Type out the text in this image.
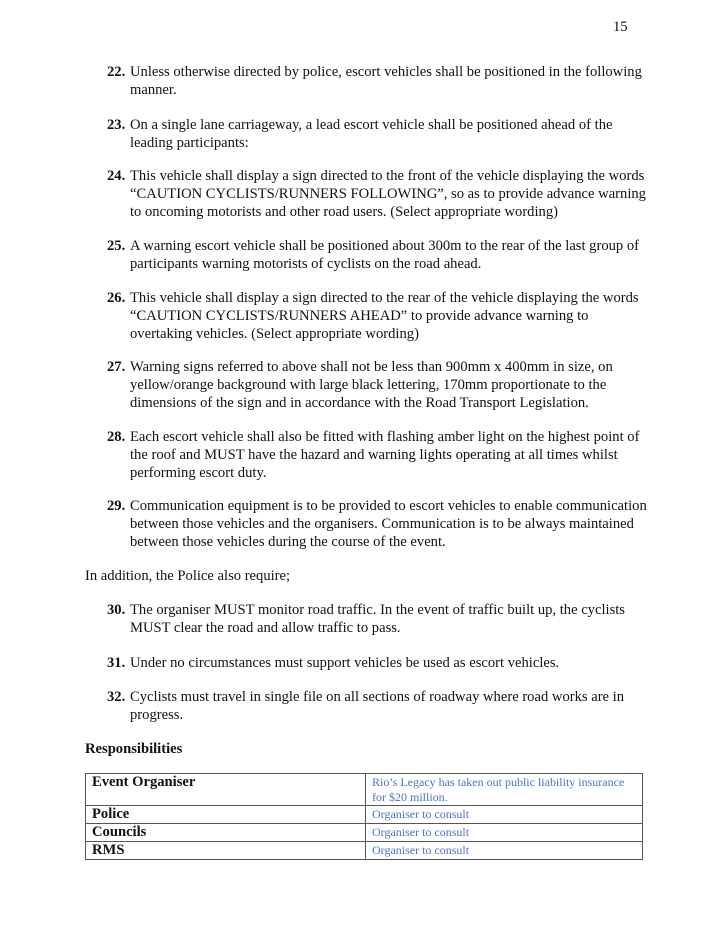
15
22. Unless otherwise directed by police, escort vehicles shall be positioned in the following manner.
23. On a single lane carriageway, a lead escort vehicle shall be positioned ahead of the leading participants:
24. This vehicle shall display a sign directed to the front of the vehicle displaying the words “CAUTION CYCLISTS/RUNNERS FOLLOWING”, so as to provide advance warning to oncoming motorists and other road users. (Select appropriate wording)
25. A warning escort vehicle shall be positioned about 300m to the rear of the last group of participants warning motorists of cyclists on the road ahead.
26. This vehicle shall display a sign directed to the rear of the vehicle displaying the words “CAUTION CYCLISTS/RUNNERS AHEAD” to provide advance warning to overtaking vehicles. (Select appropriate wording)
27. Warning signs referred to above shall not be less than 900mm x 400mm in size, on yellow/orange background with large black lettering, 170mm proportionate to the dimensions of the sign and in accordance with the Road Transport Legislation.
28. Each escort vehicle shall also be fitted with flashing amber light on the highest point of the roof and MUST have the hazard and warning lights operating at all times whilst performing escort duty.
29. Communication equipment is to be provided to escort vehicles to enable communication between those vehicles and the organisers. Communication is to be always maintained between those vehicles during the course of the event.
In addition, the Police also require;
30. The organiser MUST monitor road traffic. In the event of traffic built up, the cyclists MUST clear the road and allow traffic to pass.
31. Under no circumstances must support vehicles be used as escort vehicles.
32. Cyclists must travel in single file on all sections of roadway where road works are in progress.
Responsibilities
Event Organiser	Rio’s Legacy has taken out public liability insurance for $20 million.
Police	Organiser to consult
Councils	Organiser to consult
RMS	Organiser to consult
